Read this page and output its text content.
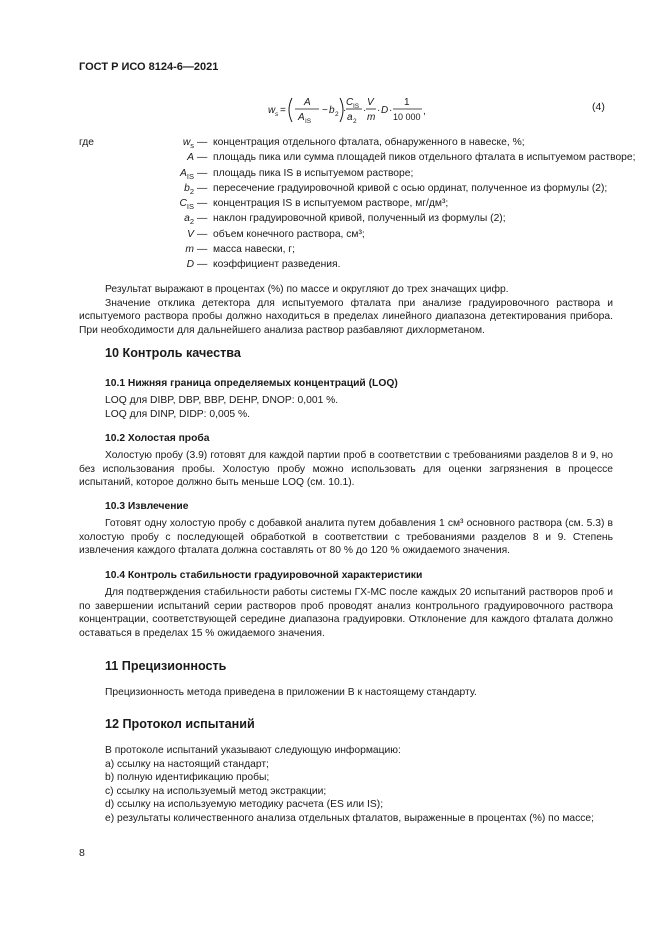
ГОСТ Р ИСО 8124-6—2021
w s =
A
A IS
− b 2 ·
C IS
a 2
·
V
m
· D ·
1
10 000 ,	(4)
где	$w_s$ — концентрация отдельного фталата, обнаруженного в навеске, %;
A — площадь пика или сумма площадей пиков отдельного фталата в испытуемом растворе;
$A_{IS}$ — площадь пика IS в испытуемом растворе;
$b_2$ — пересечение градуировочной кривой с осью ординат, полученное из формулы (2);
$C_{IS}$ — концентрация IS в испытуемом растворе, мг/дм³;
$a_2$ — наклон градуировочной кривой, полученный из формулы (2);
V — объем конечного раствора, см³;
m — масса навески, г;
D — коэффициент разведения.

Результат выражают в процентах (%) по массе и округляют до трех значащих цифр.

Значение отклика детектора для испытуемого фталата при анализе градуировочного раствора и испытуемого раствора пробы должно находиться в пределах линейного диапазона детектирования прибора. При необходимости для дальнейшего анализа раствор разбавляют дихлорметаном.

10 Контроль качества
10.1 Нижняя граница определяемых концентраций (LOQ)

LOQ для DIBP, DBP, BBP, DEHP, DNOP: 0,001 %.

LOQ для DINP, DIDP: 0,005 %.

10.2 Холостая проба

Холостую пробу (3.9) готовят для каждой партии проб в соответствии с требованиями разделов 8 и 9, но без использования пробы. Холостую пробу можно использовать для оценки загрязнения в процессе испытаний, которое должно быть меньше LOQ (см. 10.1).

10.3 Извлечение

Готовят одну холостую пробу с добавкой аналита путем добавления 1 см³ основного раствора (см. 5.3) в холостую пробу с последующей обработкой в соответствии с требованиями разделов 8 и 9. Степень извлечения каждого фталата должна составлять от 80 % до 120 % ожидаемого значения.

10.4 Контроль стабильности градуировочной характеристики

Для подтверждения стабильности работы системы ГХ-МС после каждых 20 испытаний растворов проб и по завершении испытаний серии растворов проб проводят анализ контрольного градуировочного раствора концентрации, соответствующей середине диапазона градуировки. Отклонение для каждого фталата должно оставаться в пределах 15 % ожидаемого значения.

11 Прецизионность

Прецизионность метода приведена в приложении В к настоящему стандарту.

12 Протокол испытаний

В протоколе испытаний указывают следующую информацию:

a) ссылку на настоящий стандарт;

b) полную идентификацию пробы;

c) ссылку на используемый метод экстракции;

d) ссылку на используемую методику расчета (ES или IS);

e) результаты количественного анализа отдельных фталатов, выраженные в процентах (%) по массе;

8
